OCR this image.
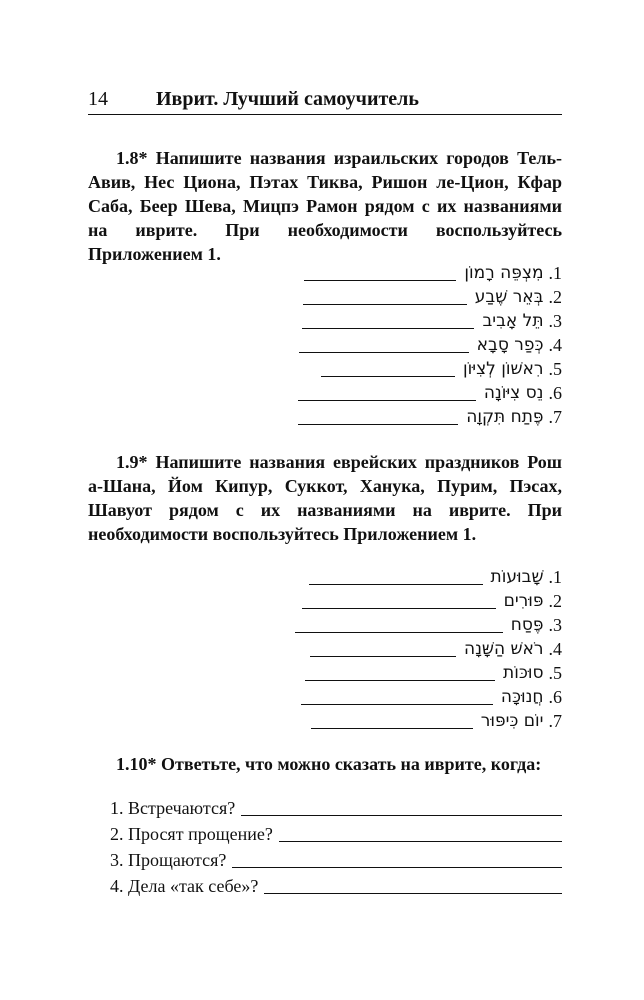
14 Иврит. Лучший самоучитель
1.8* Напишите названия израильских городов Тель-Авив, Нес Циона, Пэтах Тиква, Ришон ле-Цион, Кфар Саба, Беер Шева, Мицпэ Рамон рядом с их названиями на иврите. При необходимости воспользуйтесь Приложением 1.
מִצְפֵּה רָמוֹן .1
בְּאֵר שֶׁבַע .2
תֵּל אָבִיב .3
כְּפַר סָבָא .4
רִאשׁוֹן לְצִיּוֹן .5
נֵס צִיּוֹנָה .6
פֶּתַח תִּקְוָה .7
1.9* Напишите названия еврейских праздников Рош а-Шана, Йом Кипур, Суккот, Ханука, Пурим, Пэсах, Шавуот рядом с их названиями на иврите. При необходимости воспользуйтесь Приложением 1.
שָׁבוּעוֹת .1
פּוּרִים .2
פֶּסַח .3
רֹאשׁ הַשָּׁנָה .4
סוּכּוֹת .5
חֲנוּכָּה .6
יוֹם כִּיפּוּר .7
1.10* Ответьте, что можно сказать на иврите, когда:
1. Встречаются?
2. Просят прощение?
3. Прощаются?
4. Дела «так себе»?
